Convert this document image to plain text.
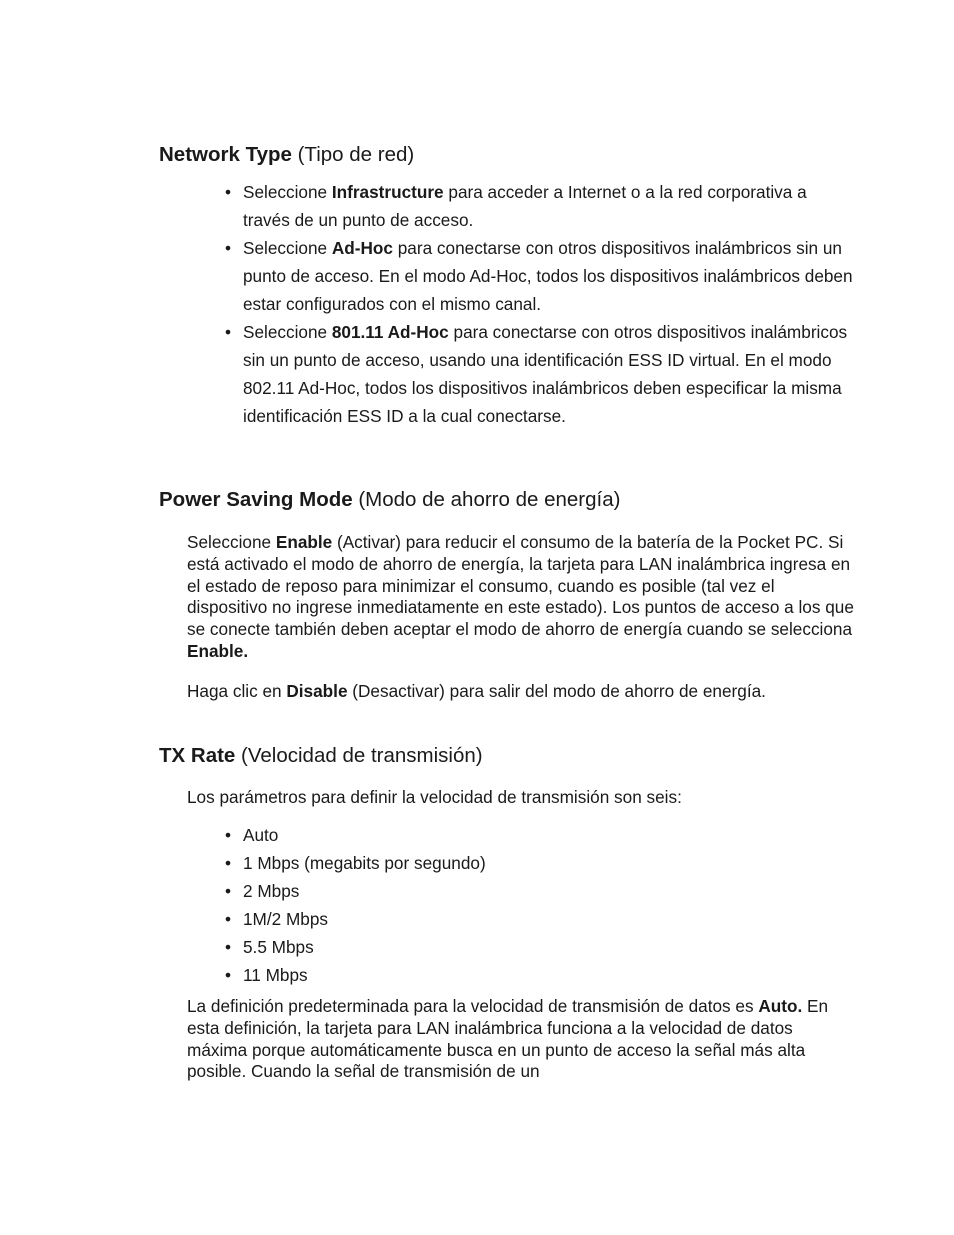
Network Type (Tipo de red)
• Seleccione Infrastructure para acceder a Internet o a la red corporativa a través de un punto de acceso.
• Seleccione Ad-Hoc para conectarse con otros dispositivos inalámbricos sin un punto de acceso. En el modo Ad-Hoc, todos los dispositivos inalámbricos deben estar configurados con el mismo canal.
• Seleccione 801.11 Ad-Hoc para conectarse con otros dispositivos inalámbricos sin un punto de acceso, usando una identificación ESS ID virtual. En el modo 802.11 Ad-Hoc, todos los dispositivos inalámbricos deben especificar la misma identificación ESS ID a la cual conectarse.
Power Saving Mode (Modo de ahorro de energía)

Seleccione Enable (Activar) para reducir el consumo de la batería de la Pocket PC. Si está activado el modo de ahorro de energía, la tarjeta para LAN inalámbrica ingresa en el estado de reposo para minimizar el consumo, cuando es posible (tal vez el dispositivo no ingrese inmediatamente en este estado). Los puntos de acceso a los que se conecte también deben aceptar el modo de ahorro de energía cuando se selecciona Enable.

Haga clic en Disable (Desactivar) para salir del modo de ahorro de energía.

TX Rate (Velocidad de transmisión)

Los parámetros para definir la velocidad de transmisión son seis:

• Auto
• 1 Mbps (megabits por segundo)
• 2 Mbps
• 1M/2 Mbps
• 5.5 Mbps
• 11 Mbps

La definición predeterminada para la velocidad de transmisión de datos es Auto. En esta definición, la tarjeta para LAN inalámbrica funciona a la velocidad de datos máxima porque automáticamente busca en un punto de acceso la señal más alta posible. Cuando la señal de transmisión de un
